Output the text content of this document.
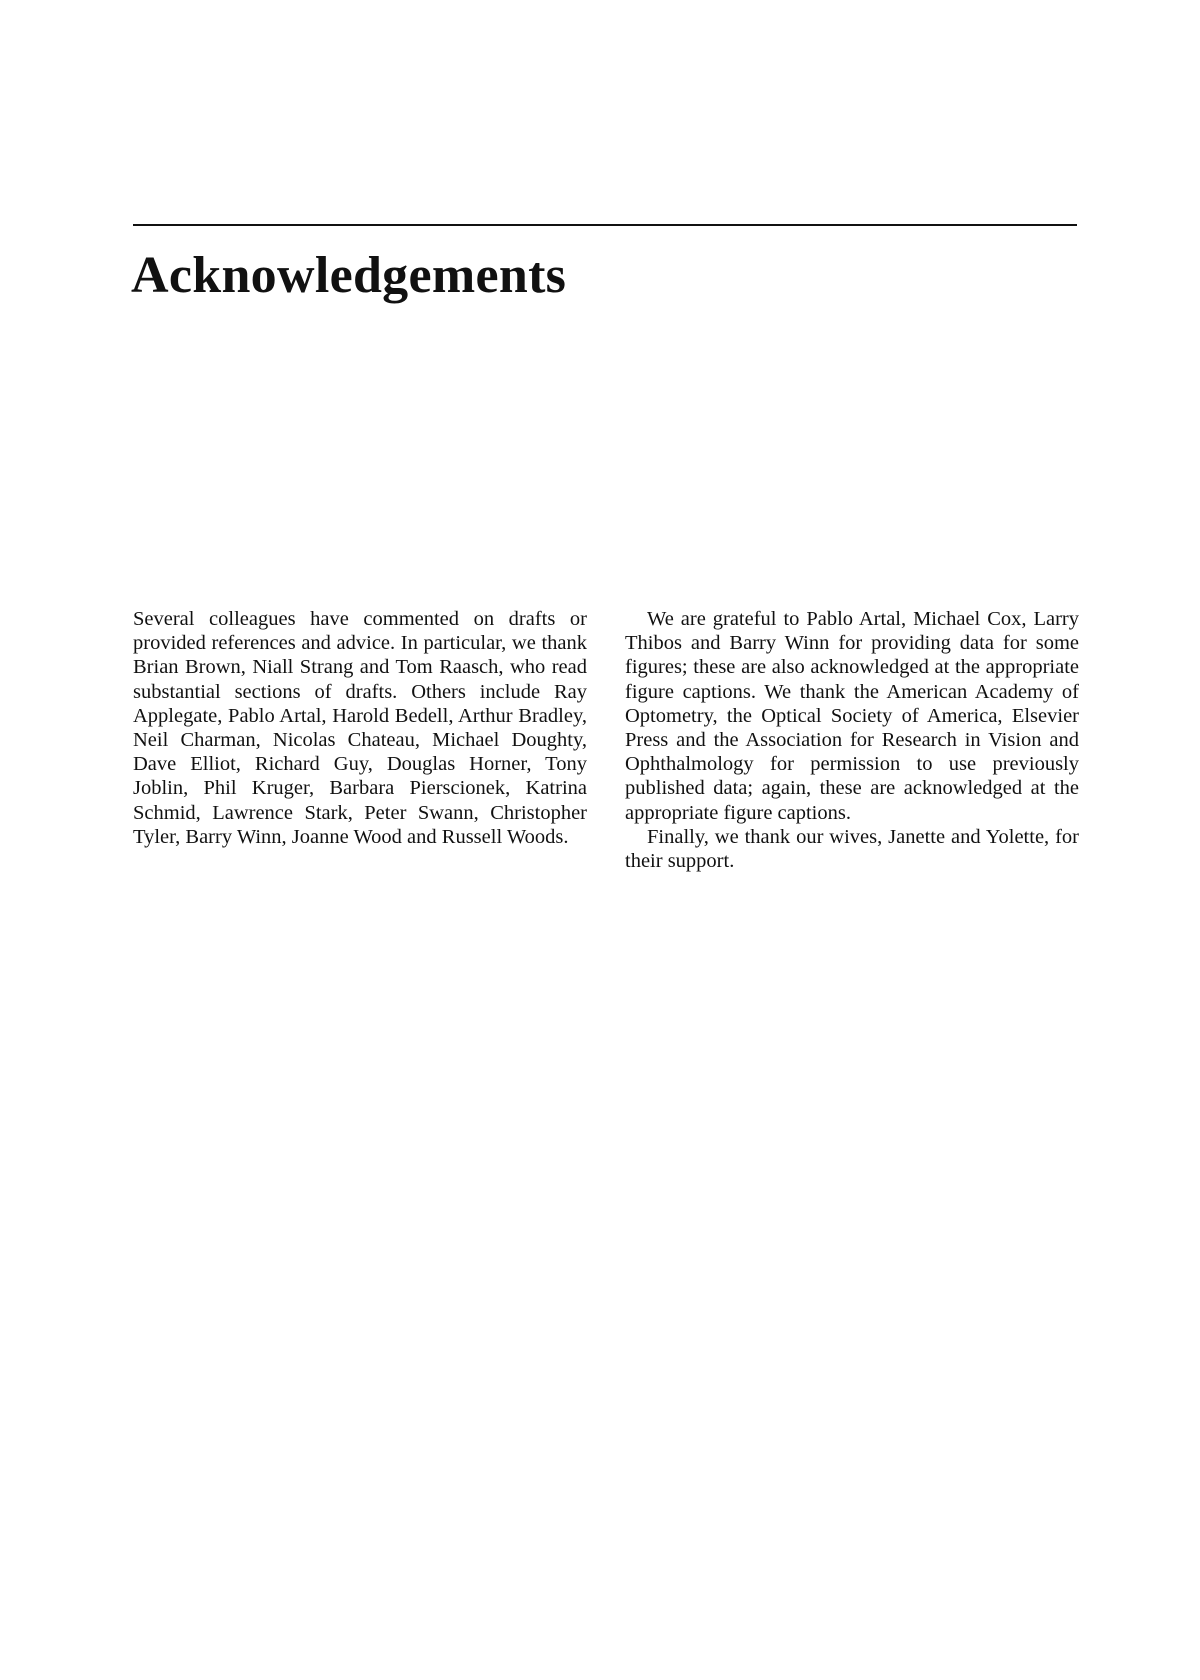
Acknowledgements

Several colleagues have commented on drafts or provided references and advice. In particular, we thank Brian Brown, Niall Strang and Tom Raasch, who read substantial sections of drafts. Others include Ray Applegate, Pablo Artal, Harold Bedell, Arthur Bradley, Neil Charman, Nicolas Chateau, Michael Doughty, Dave Elliot, Richard Guy, Douglas Horner, Tony Joblin, Phil Kruger, Barbara Pierscionek, Katrina Schmid, Lawrence Stark, Peter Swann, Christopher Tyler, Barry Winn, Joanne Wood and Russell Woods.

We are grateful to Pablo Artal, Michael Cox, Larry Thibos and Barry Winn for providing data for some figures; these are also acknowledged at the appropriate figure captions. We thank the American Academy of Optometry, the Optical Society of America, Elsevier Press and the Association for Research in Vision and Ophthalmology for permission to use previously published data; again, these are acknowledged at the appropriate figure captions.

Finally, we thank our wives, Janette and Yolette, for their support.
